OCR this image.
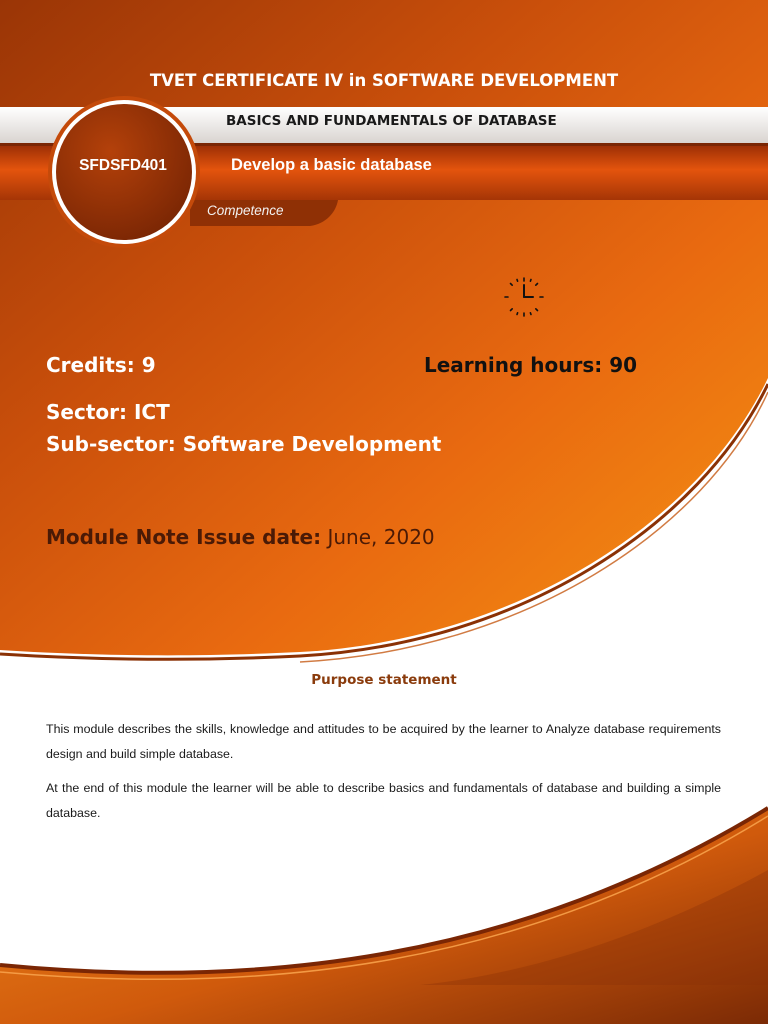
TVET CERTIFICATE IV in SOFTWARE DEVELOPMENT

BASICS AND FUNDAMENTALS OF DATABASE

SFDSFD401	Develop a basic database

Competence

Credits: 9	Learning hours: 90

Sector: ICT

Sub-sector: Software Development

Module Note Issue date: June, 2020

Purpose statement

This module describes the skills, knowledge and attitudes to be acquired by the learner to Analyze database requirements design and build simple database.

At the end of this module the learner will be able to describe basics and fundamentals of database and building a simple database.
